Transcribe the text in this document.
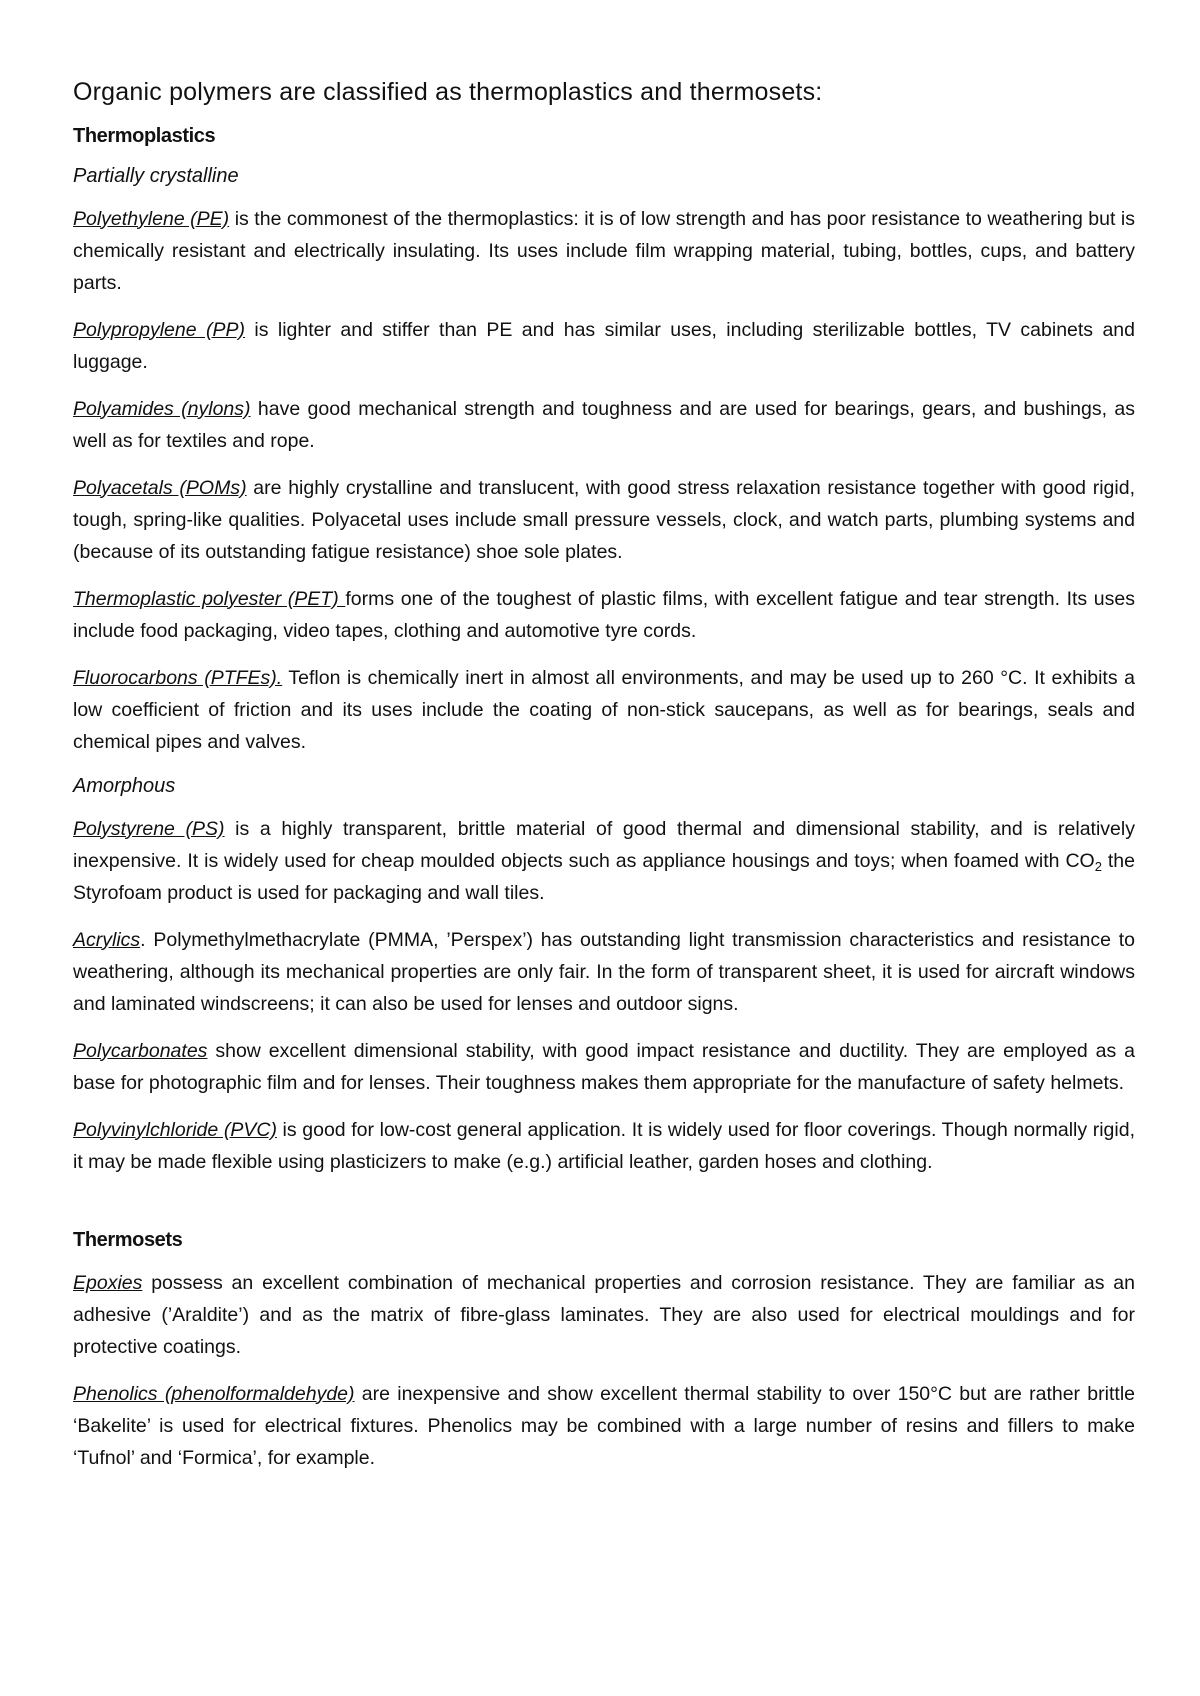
Organic polymers are classified as thermoplastics and thermosets:
Thermoplastics

Partially crystalline

Polyethylene (PE) is the commonest of the thermoplastics: it is of low strength and has poor resistance to weathering but is chemically resistant and electrically insulating. Its uses include film wrapping material, tubing, bottles, cups, and battery parts.

Polypropylene (PP) is lighter and stiffer than PE and has similar uses, including sterilizable bottles, TV cabinets and luggage.

Polyamides (nylons) have good mechanical strength and toughness and are used for bearings, gears, and bushings, as well as for textiles and rope.

Polyacetals (POMs) are highly crystalline and translucent, with good stress relaxation resistance together with good rigid, tough, spring-like qualities. Polyacetal uses include small pressure vessels, clock, and watch parts, plumbing systems and (because of its outstanding fatigue resistance) shoe sole plates.

Thermoplastic polyester (PET) forms one of the toughest of plastic films, with excellent fatigue and tear strength. Its uses include food packaging, video tapes, clothing and automotive tyre cords.

Fluorocarbons (PTFEs). Teflon is chemically inert in almost all environments, and may be used up to 260 °C. It exhibits a low coefficient of friction and its uses include the coating of non-stick saucepans, as well as for bearings, seals and chemical pipes and valves.

Amorphous

Polystyrene (PS) is a highly transparent, brittle material of good thermal and dimensional stability, and is relatively inexpensive. It is widely used for cheap moulded objects such as appliance housings and toys; when foamed with $CO_2$ the Styrofoam product is used for packaging and wall tiles.

Acrylics. Polymethylmethacrylate (PMMA, ’Perspex’) has outstanding light transmission characteristics and resistance to weathering, although its mechanical properties are only fair. In the form of transparent sheet, it is used for aircraft windows and laminated windscreens; it can also be used for lenses and outdoor signs.

Polycarbonates show excellent dimensional stability, with good impact resistance and ductility. They are employed as a base for photographic film and for lenses. Their toughness makes them appropriate for the manufacture of safety helmets.

Polyvinylchloride (PVC) is good for low-cost general application. It is widely used for floor coverings. Though normally rigid, it may be made flexible using plasticizers to make (e.g.) artificial leather, garden hoses and clothing.

Thermosets

Epoxies possess an excellent combination of mechanical properties and corrosion resistance. They are familiar as an adhesive (’Araldite’) and as the matrix of fibre-glass laminates. They are also used for electrical mouldings and for protective coatings.

Phenolics (phenolformaldehyde) are inexpensive and show excellent thermal stability to over 150°C but are rather brittle ‘Bakelite’ is used for electrical fixtures. Phenolics may be combined with a large number of resins and fillers to make ‘Tufnol’ and ‘Formica’, for example.
